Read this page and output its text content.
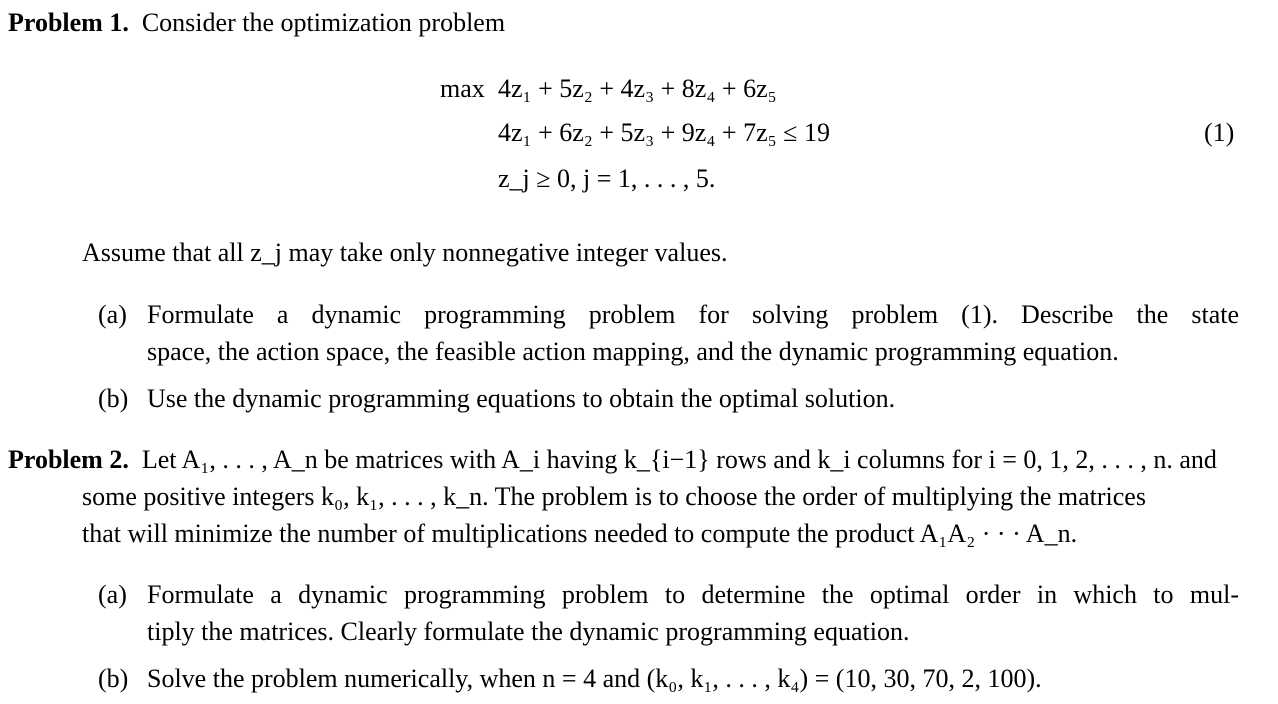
Problem 1. Consider the optimization problem
max 4z₁ + 5z₂ + 4z₃ + 8z₄ + 6z₅
4z₁ + 6z₂ + 5z₃ + 9z₄ + 7z₅ ≤ 19
z_j ≥ 0, j = 1, . . . , 5.
(1)
Assume that all z_j may take only nonnegative integer values.
(a) Formulate a dynamic programming problem for solving problem (1). Describe the state
space, the action space, the feasible action mapping, and the dynamic programming equation.
(b) Use the dynamic programming equations to obtain the optimal solution.
Problem 2. Let A₁, . . . , A_n be matrices with A_i having k_{i−1} rows and k_i columns for i = 0, 1, 2, . . . , n. and
some positive integers k₀, k₁, . . . , k_n. The problem is to choose the order of multiplying the matrices
that will minimize the number of multiplications needed to compute the product A₁A₂ · · · A_n.
(a) Formulate a dynamic programming problem to determine the optimal order in which to mul-
tiply the matrices. Clearly formulate the dynamic programming equation.
(b) Solve the problem numerically, when n = 4 and (k₀, k₁, . . . , k₄) = (10, 30, 70, 2, 100).
